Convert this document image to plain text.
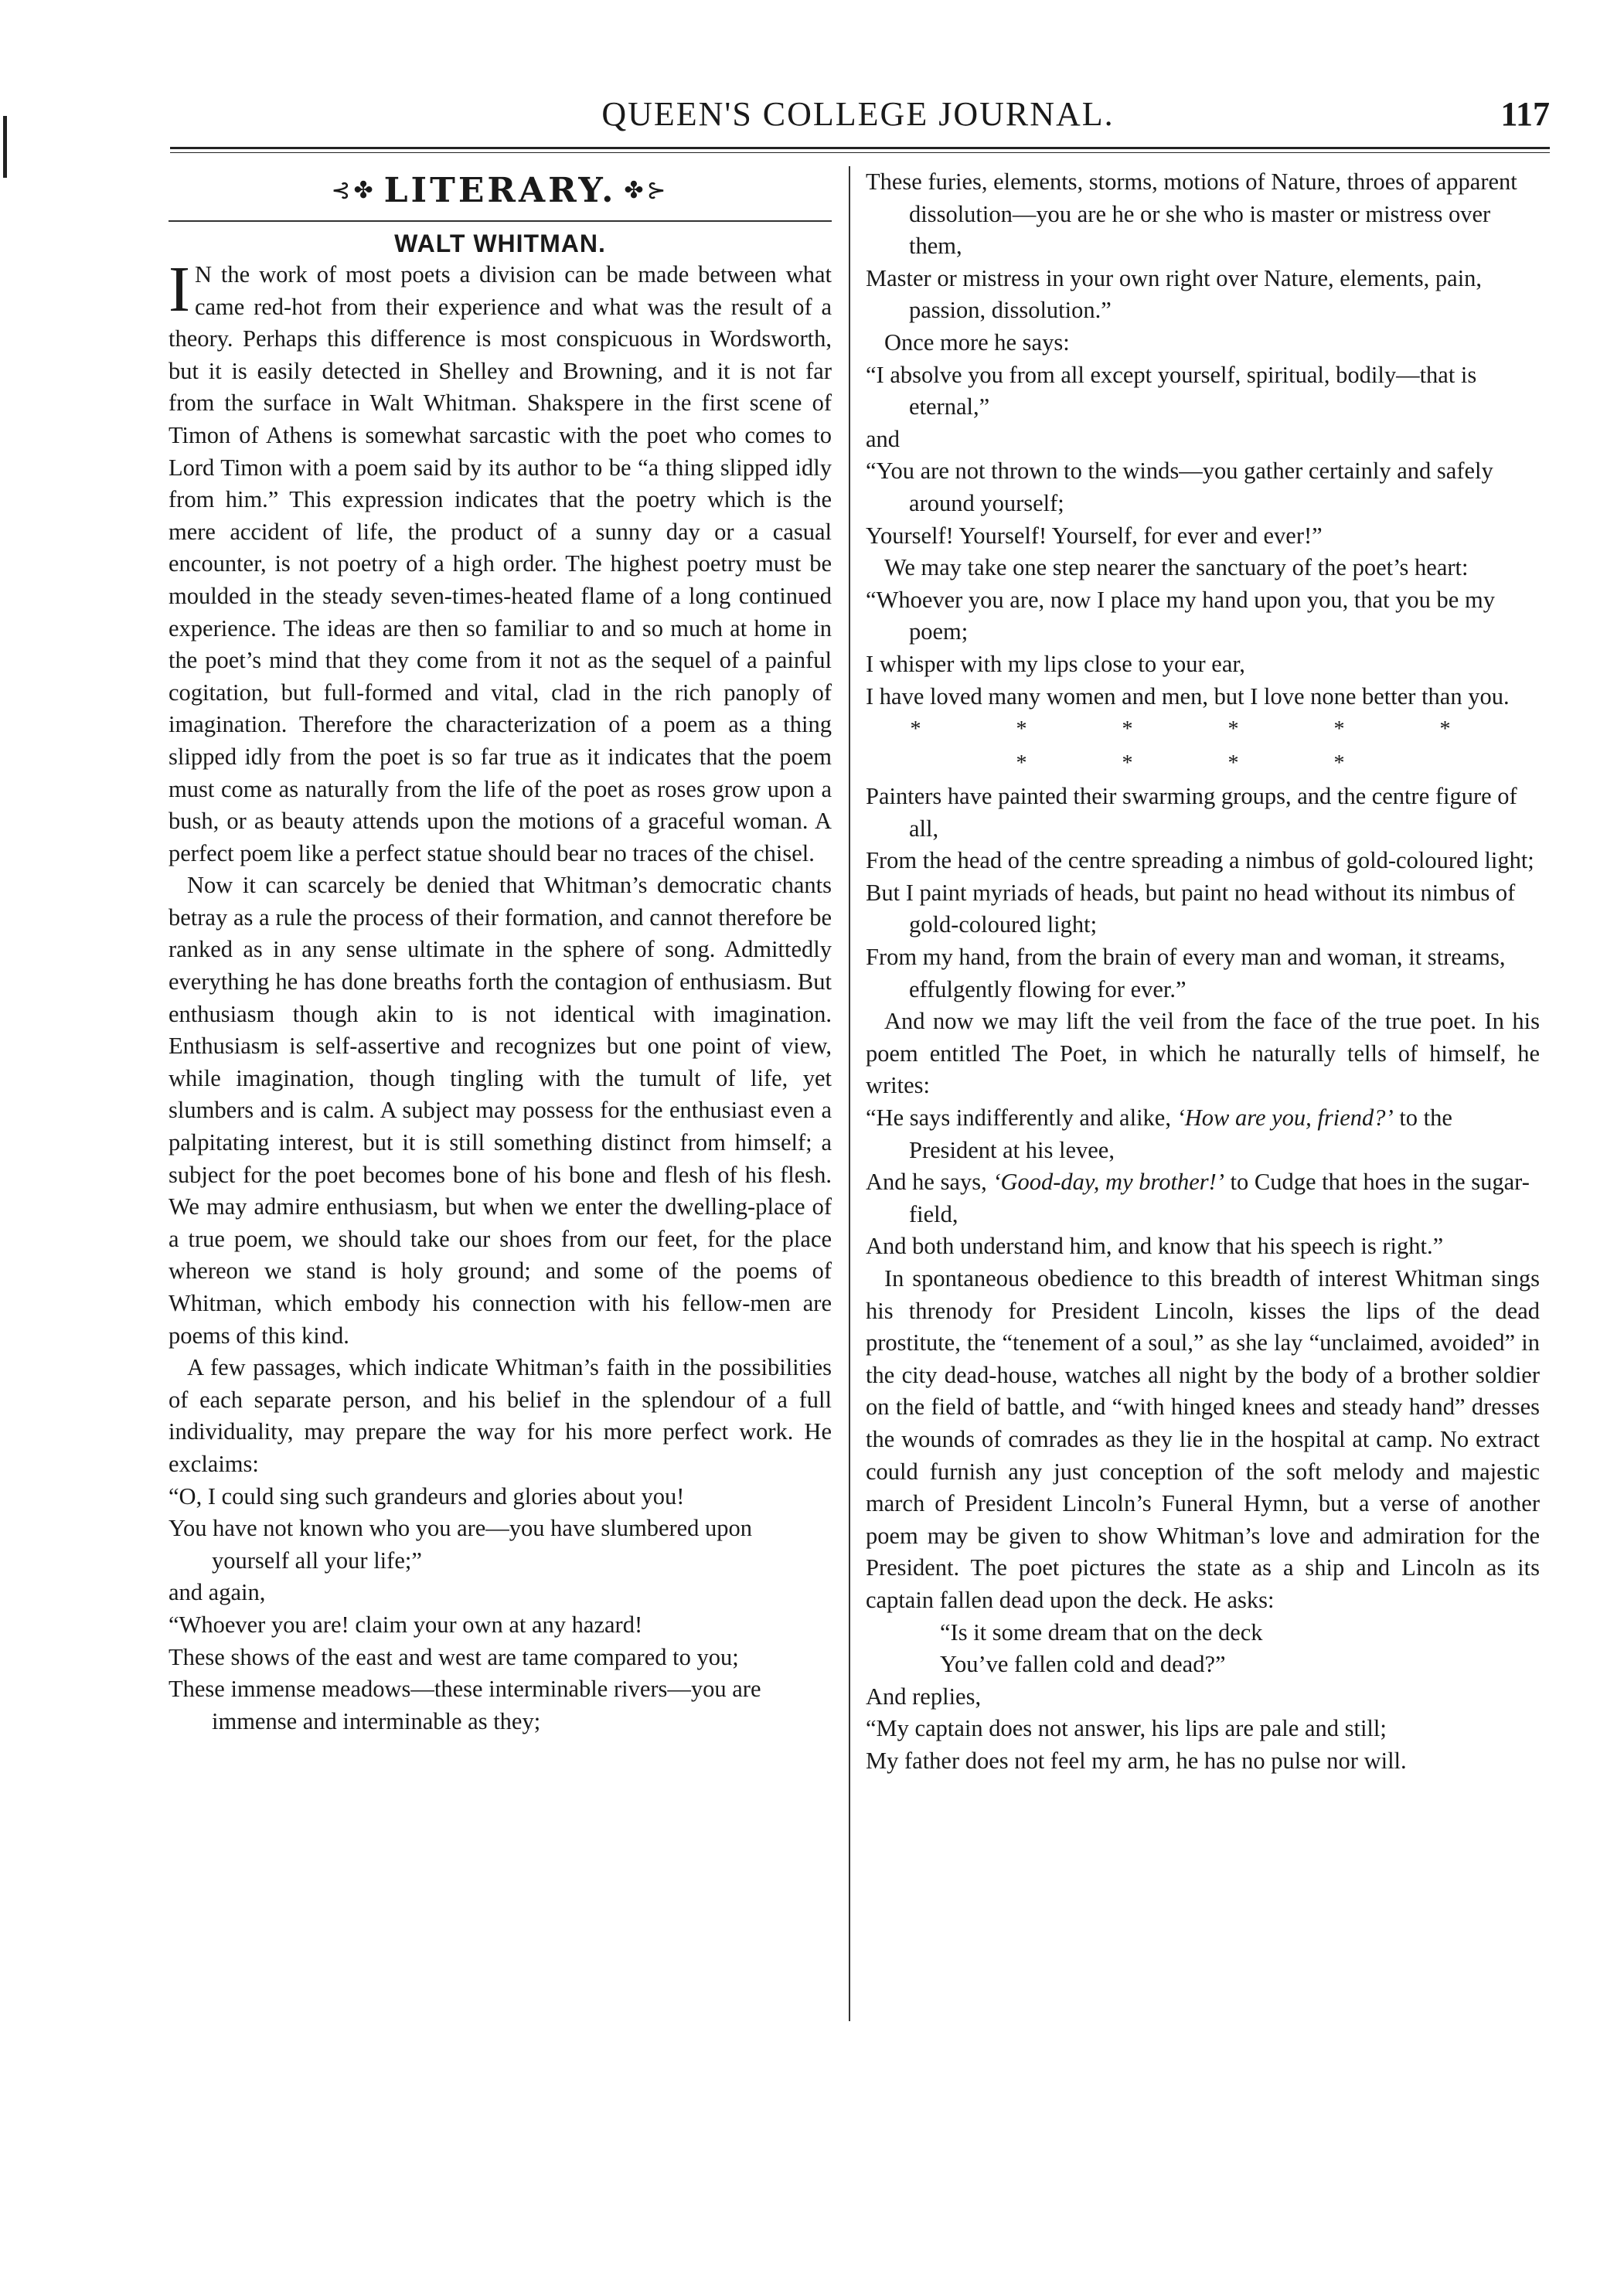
QUEEN'S COLLEGE JOURNAL.	117
⊰✤ LITERARY. ✤⊱
WALT WHITMAN.

IN the work of most poets a division can be made between what came red-hot from their experience and what was the result of a theory. Perhaps this difference is most conspicuous in Wordsworth, but it is easily detected in Shelley and Browning, and it is not far from the surface in Walt Whitman. Shakspere in the first scene of Timon of Athens is somewhat sarcastic with the poet who comes to Lord Timon with a poem said by its author to be “a thing slipped idly from him.” This expression indicates that the poetry which is the mere accident of life, the product of a sunny day or a casual encounter, is not poetry of a high order. The highest poetry must be moulded in the steady seven-times-heated flame of a long continued experience. The ideas are then so familiar to and so much at home in the poet’s mind that they come from it not as the sequel of a painful cogitation, but full-formed and vital, clad in the rich panoply of imagination. Therefore the characterization of a poem as a thing slipped idly from the poet is so far true as it indicates that the poem must come as naturally from the life of the poet as roses grow upon a bush, or as beauty attends upon the motions of a graceful woman. A perfect poem like a perfect statue should bear no traces of the chisel.

Now it can scarcely be denied that Whitman’s democratic chants betray as a rule the process of their formation, and cannot therefore be ranked as in any sense ultimate in the sphere of song. Admittedly everything he has done breaths forth the contagion of enthusiasm. But enthusiasm though akin to is not identical with imagination. Enthusiasm is self-assertive and recognizes but one point of view, while imagination, though tingling with the tumult of life, yet slumbers and is calm. A subject may possess for the enthusiast even a palpitating interest, but it is still something distinct from himself; a subject for the poet becomes bone of his bone and flesh of his flesh. We may admire enthusiasm, but when we enter the dwelling-place of a true poem, we should take our shoes from our feet, for the place whereon we stand is holy ground; and some of the poems of Whitman, which embody his connection with his fellow-men are poems of this kind.

A few passages, which indicate Whitman’s faith in the possibilities of each separate person, and his belief in the splendour of a full individuality, may prepare the way for his more perfect work. He exclaims:

“O, I could sing such grandeurs and glories about you!

You have not known who you are—you have slumbered upon yourself all your life;”

and again,

“Whoever you are! claim your own at any hazard!

These shows of the east and west are tame compared to you;

These immense meadows—these interminable rivers—you are immense and interminable as they;

These furies, elements, storms, motions of Nature, throes of apparent dissolution—you are he or she who is master or mistress over them,

Master or mistress in your own right over Nature, elements, pain, passion, dissolution.”

Once more he says:

“I absolve you from all except yourself, spiritual, bodily—that is eternal,”

and

“You are not thrown to the winds—you gather certainly and safely around yourself;

Yourself! Yourself! Yourself, for ever and ever!”

We may take one step nearer the sanctuary of the poet’s heart:

“Whoever you are, now I place my hand upon you, that you be my poem;

I whisper with my lips close to your ear,

I have loved many women and men, but I love none better than you.

* * * * * * * * * *

Painters have painted their swarming groups, and the centre figure of all,

From the head of the centre spreading a nimbus of gold-coloured light;

But I paint myriads of heads, but paint no head without its nimbus of gold-coloured light;

From my hand, from the brain of every man and woman, it streams, effulgently flowing for ever.”

And now we may lift the veil from the face of the true poet. In his poem entitled The Poet, in which he naturally tells of himself, he writes:

“He says indifferently and alike, ‘How are you, friend?’ to the President at his levee,

And he says, ‘Good-day, my brother!’ to Cudge that hoes in the sugar-field,

And both understand him, and know that his speech is right.”

In spontaneous obedience to this breadth of interest Whitman sings his threnody for President Lincoln, kisses the lips of the dead prostitute, the “tenement of a soul,” as she lay “unclaimed, avoided” in the city dead-house, watches all night by the body of a brother soldier on the field of battle, and “with hinged knees and steady hand” dresses the wounds of comrades as they lie in the hospital at camp. No extract could furnish any just conception of the soft melody and majestic march of President Lincoln’s Funeral Hymn, but a verse of another poem may be given to show Whitman’s love and admiration for the President. The poet pictures the state as a ship and Lincoln as its captain fallen dead upon the deck. He asks:

“Is it some dream that on the deck

You’ve fallen cold and dead?”

And replies,

“My captain does not answer, his lips are pale and still;

My father does not feel my arm, he has no pulse nor will.
